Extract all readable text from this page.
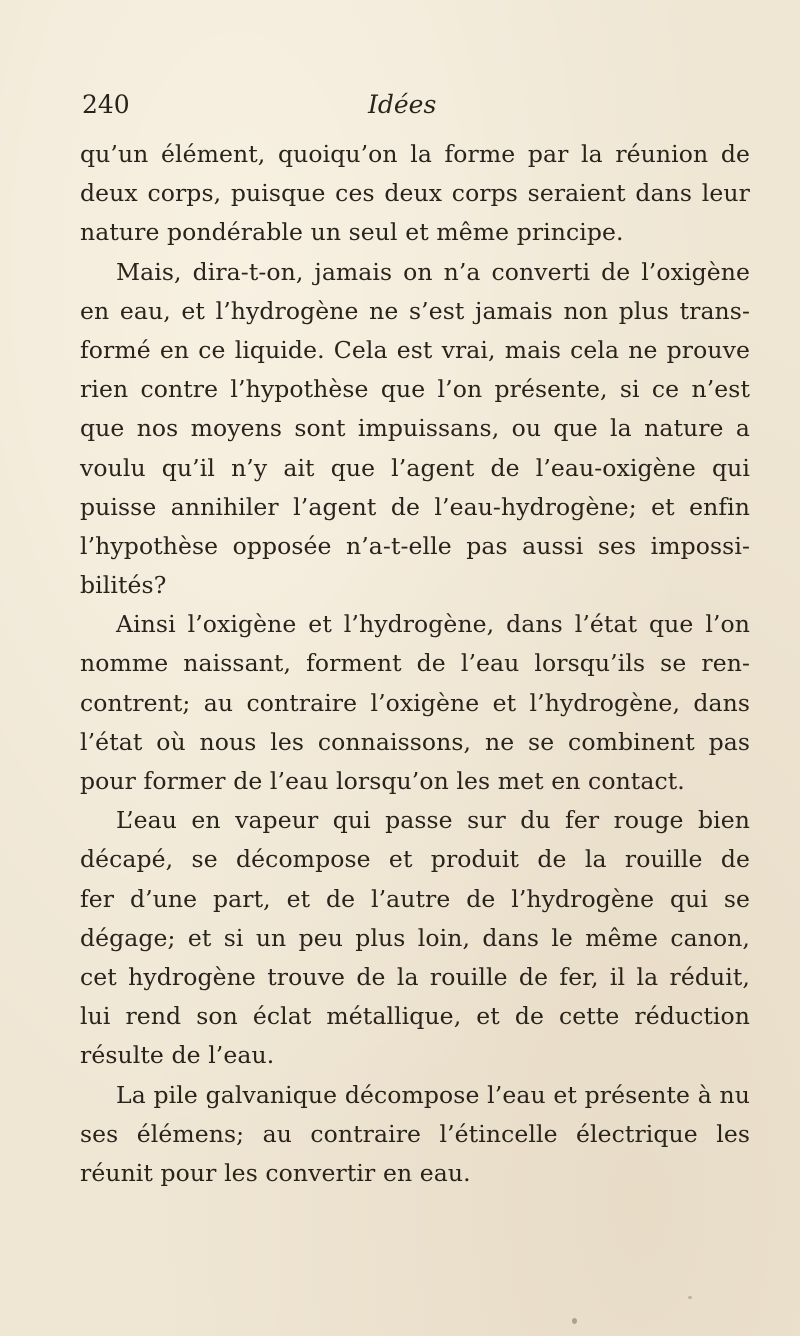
240	Idées
qu’un élément, quoiqu’on la forme par la réunion de
deux corps, puisque ces deux corps seraient dans leur
nature pondérable un seul et même principe.
Mais, dira-t-on, jamais on n’a converti de l’oxigène
en eau, et l’hydrogène ne s’est jamais non plus trans-
formé en ce liquide. Cela est vrai, mais cela ne prouve
rien contre l’hypothèse que l’on présente, si ce n’est
que nos moyens sont impuissans, ou que la nature a
voulu qu’il n’y ait que l’agent de l’eau-oxigène qui
puisse annihiler l’agent de l’eau-hydrogène; et enfin
l’hypothèse opposée n’a-t-elle pas aussi ses impossi-
bilités?
Ainsi l’oxigène et l’hydrogène, dans l’état que l’on
nomme naissant, forment de l’eau lorsqu’ils se ren-
contrent; au contraire l’oxigène et l’hydrogène, dans
l’état où nous les connaissons, ne se combinent pas
pour former de l’eau lorsqu’on les met en contact.
L’eau en vapeur qui passe sur du fer rouge bien
décapé, se décompose et produit de la rouille de
fer d’une part, et de l’autre de l’hydrogène qui se
dégage; et si un peu plus loin, dans le même canon,
cet hydrogène trouve de la rouille de fer, il la réduit,
lui rend son éclat métallique, et de cette réduction
résulte de l’eau.
La pile galvanique décompose l’eau et présente à nu
ses élémens; au contraire l’étincelle électrique les
réunit pour les convertir en eau.
